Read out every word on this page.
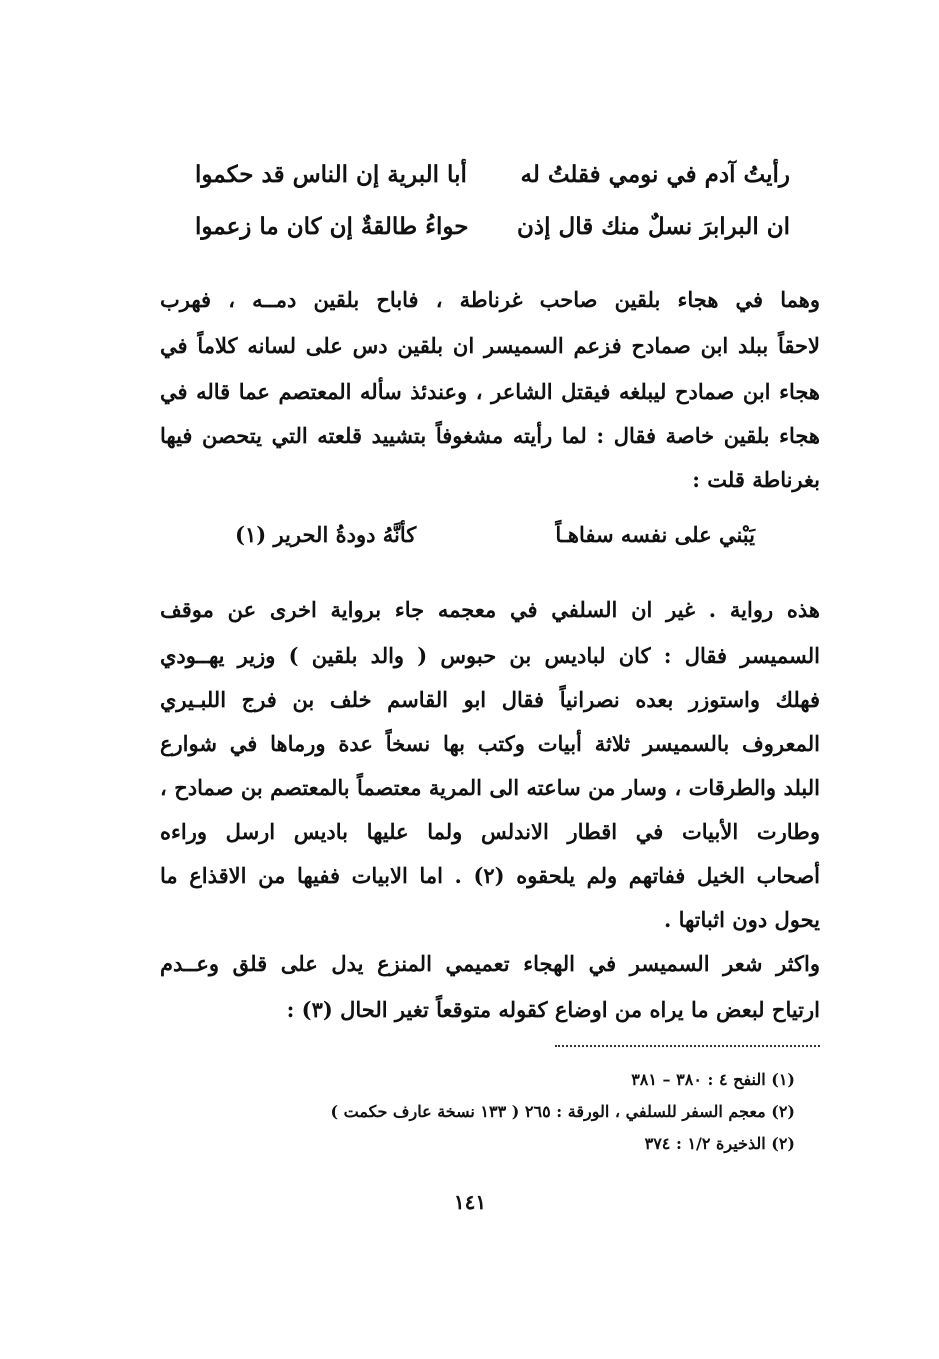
رأيتُ آدم في نومي فقلتُ له
أبا البرية إن الناس قد حكموا
ان البرابرَ نسلٌ منك قال إذن
حواءُ طالقةٌ إن كان ما زعموا
وهما في هجاء بلقين صاحب غرناطة ، فاباح بلقين دمــه ، فهرب
لاحقاً ببلد ابن صمادح فزعم السميسر ان بلقين دس على لسانه كلاماً في
هجاء ابن صمادح ليبلغه فيقتل الشاعر ، وعندئذ سأله المعتصم عما قاله في
هجاء بلقين خاصة فقال : لما رأيته مشغوفاً بتشييد قلعته التي يتحصن فيها
بغرناطة قلت :
يَبْني على نفسه سفاهـاً
كأنَّهُ دودةُ الحرير (١)
هذه رواية . غير ان السلفي في معجمه جاء برواية اخرى عن موقف
السميسر فقال : كان لباديس بن حبوس ( والد بلقين ) وزير يهــودي
فهلك واستوزر بعده نصرانياً فقال ابو القاسم خلف بن فرج اللبـيري
المعروف بالسميسر ثلاثة أبيات وكتب بها نسخاً عدة ورماها في شوارع
البلد والطرقات ، وسار من ساعته الى المرية معتصماً بالمعتصم بن صمادح ،
وطارت الأبيات في اقطار الاندلس ولما عليها باديس ارسل وراءه
أصحاب الخيل ففاتهم ولم يلحقوه (٢) . اما الابيات ففيها من الاقذاع ما
يحول دون اثباتها .
واكثر شعر السميسر في الهجاء تعميمي المنزع يدل على قلق وعــدم
ارتياح لبعض ما يراه من اوضاع كقوله متوقعاً تغير الحال (٣) :
(١) النفح ٤ : ٣٨٠ – ٣٨١
(٢) معجم السفر للسلفي ، الورقة : ٢٦٥ ( ١٣٣ نسخة عارف حكمت )
(٢) الذخيرة ١/٢ : ٣٧٤
١٤١
